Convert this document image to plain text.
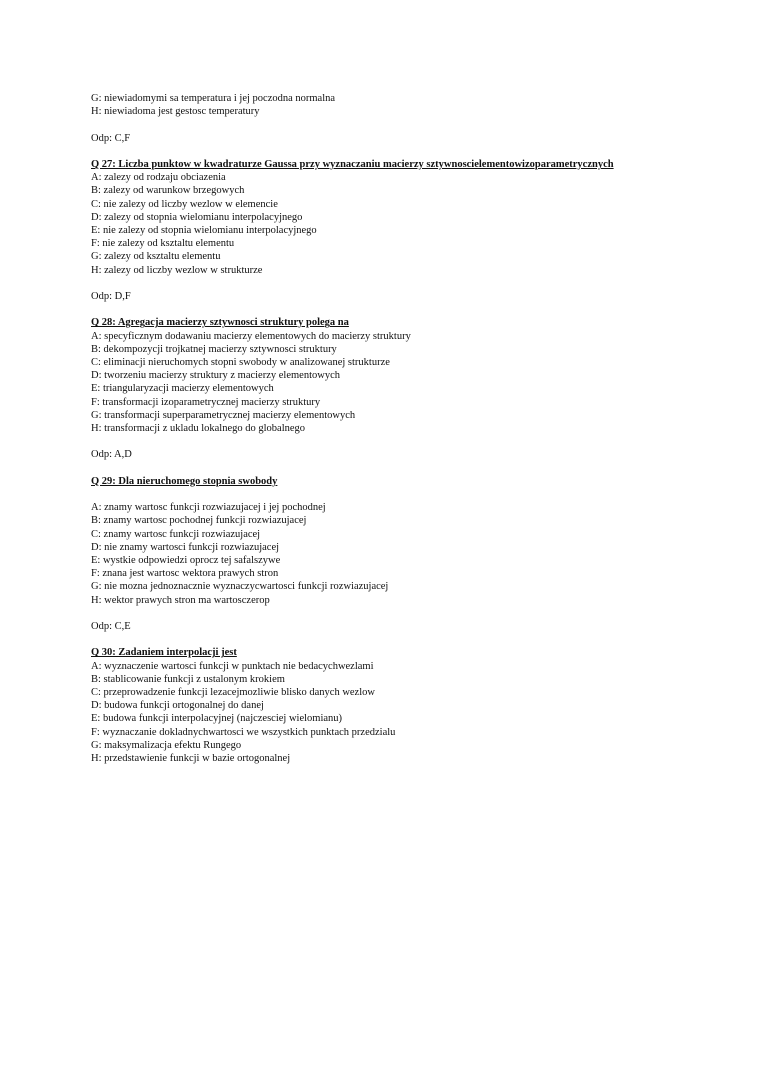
G: niewiadomymi sa temperatura i jej poczodna normalna

H: niewiadoma jest gestosc temperatury

Odp: C,F

Q 27: Liczba punktow w kwadraturze Gaussa przy wyznaczaniu macierzy sztywnoscielementowizoparametrycznych

A: zalezy od rodzaju obciazenia

B: zalezy od warunkow brzegowych

C: nie zalezy od liczby wezlow w elemencie

D: zalezy od stopnia wielomianu interpolacyjnego

E: nie zalezy od stopnia wielomianu interpolacyjnego

F: nie zalezy od ksztaltu elementu

G: zalezy od ksztaltu elementu

H: zalezy od liczby wezlow w strukturze

Odp: D,F

Q 28: Agregacja macierzy sztywnosci struktury polega na

A: specyficznym dodawaniu macierzy elementowych do macierzy struktury

B: dekompozycji trojkatnej macierzy sztywnosci struktury

C: eliminacji nieruchomych stopni swobody w analizowanej strukturze

D: tworzeniu macierzy struktury z macierzy elementowych

E: triangularyzacji macierzy elementowych

F: transformacji izoparametrycznej macierzy struktury

G: transformacji superparametrycznej macierzy elementowych

H: transformacji z ukladu lokalnego do globalnego

Odp: A,D

Q 29: Dla nieruchomego stopnia swobody

A: znamy wartosc funkcji rozwiazujacej i jej pochodnej

B: znamy wartosc pochodnej funkcji rozwiazujacej

C: znamy wartosc funkcji rozwiazujacej

D: nie znamy wartosci funkcji rozwiazujacej

E: wystkie odpowiedzi oprocz tej safalszywe

F: znana jest wartosc wektora prawych stron

G: nie mozna jednoznacznie wyznaczycwartosci funkcji rozwiazujacej

H: wektor prawych stron ma wartosczerop

Odp: C,E

Q 30: Zadaniem interpolacji jest

A: wyznaczenie wartosci funkcji w punktach nie bedacychwezlami

B: stablicowanie funkcji z ustalonym krokiem

C: przeprowadzenie funkcji lezacejmozliwie blisko danych wezlow

D: budowa funkcji ortogonalnej do danej

E: budowa funkcji interpolacyjnej (najczesciej wielomianu)

F: wyznaczanie dokladnychwartosci we wszystkich punktach przedzialu

G: maksymalizacja efektu Rungego

H: przedstawienie funkcji w bazie ortogonalnej
